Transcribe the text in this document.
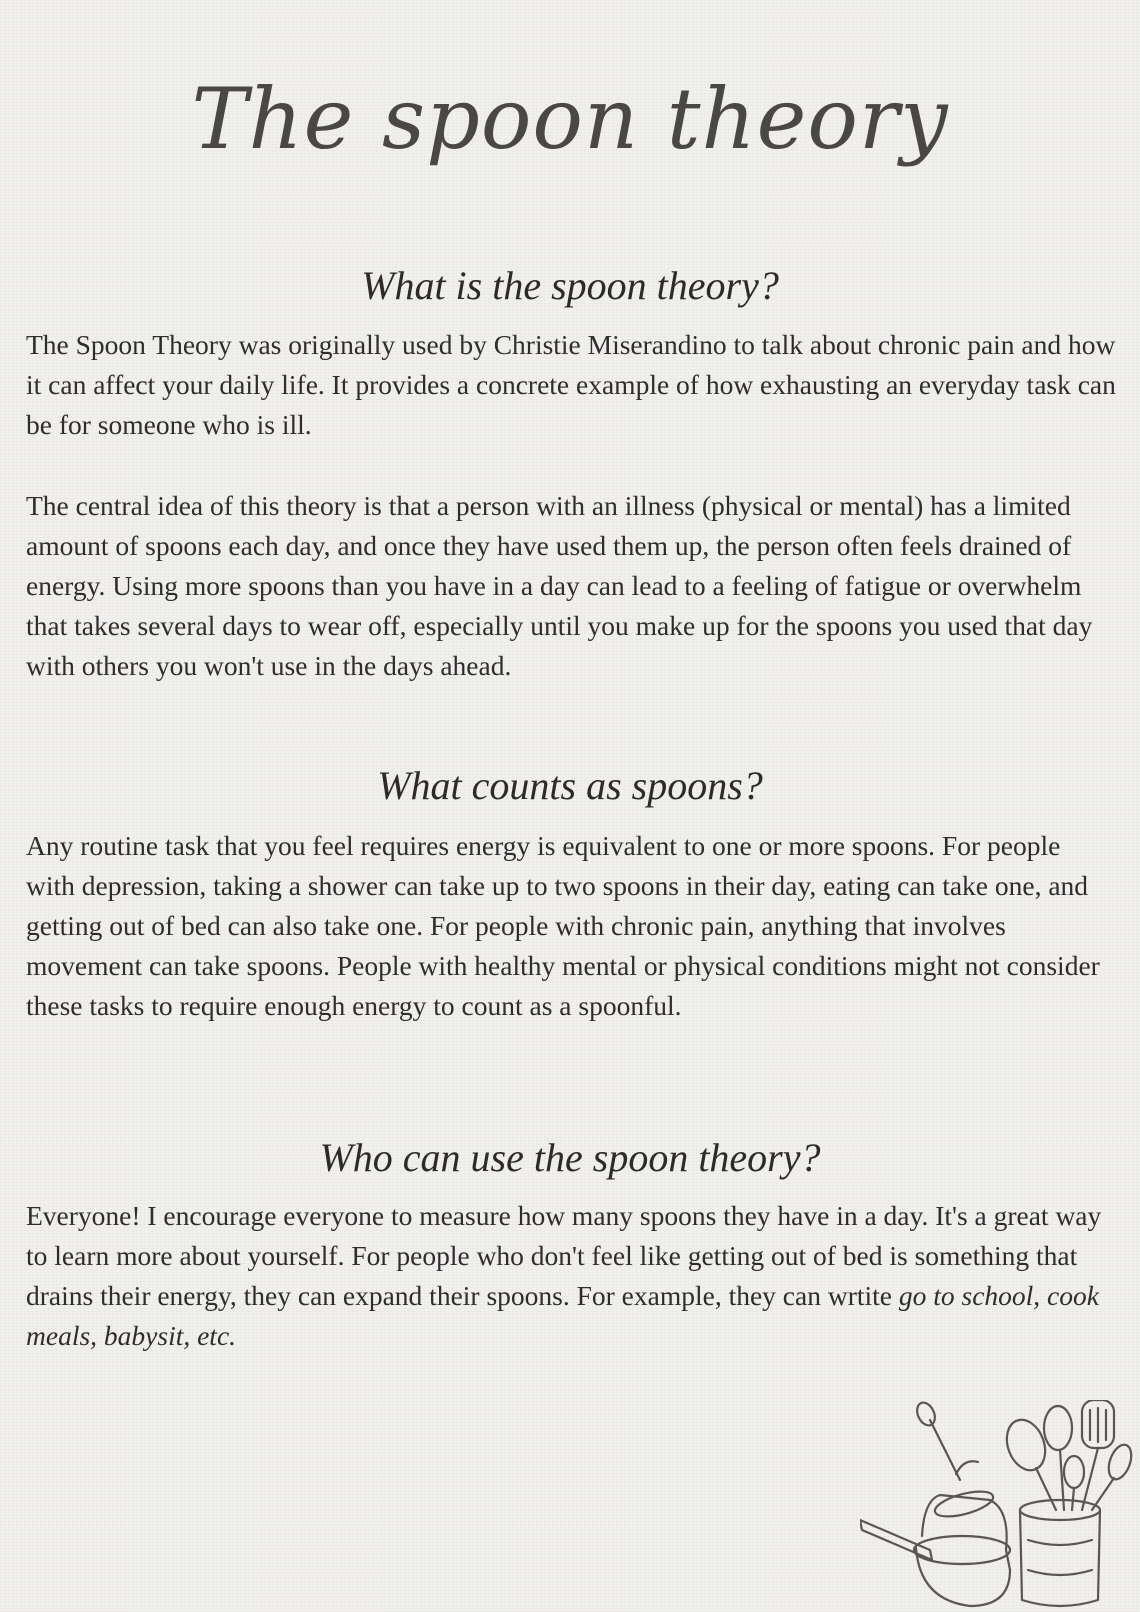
The spoon theory
What is the spoon theory?

The Spoon Theory was originally used by Christie Miserandino to talk about chronic pain and how it can affect your daily life. It provides a concrete example of how exhausting an everyday task can be for someone who is ill.

The central idea of this theory is that a person with an illness (physical or mental) has a limited amount of spoons each day, and once they have used them up, the person often feels drained of energy. Using more spoons than you have in a day can lead to a feeling of fatigue or overwhelm that takes several days to wear off, especially until you make up for the spoons you used that day with others you won't use in the days ahead.

What counts as spoons?

Any routine task that you feel requires energy is equivalent to one or more spoons. For people with depression, taking a shower can take up to two spoons in their day, eating can take one, and getting out of bed can also take one. For people with chronic pain, anything that involves movement can take spoons. People with healthy mental or physical conditions might not consider these tasks to require enough energy to count as a spoonful.

Who can use the spoon theory?

Everyone! I encourage everyone to measure how many spoons they have in a day. It's a great way to learn more about yourself. For people who don't feel like getting out of bed is something that drains their energy, they can expand their spoons. For example, they can wrtite go to school, cook meals, babysit, etc.
